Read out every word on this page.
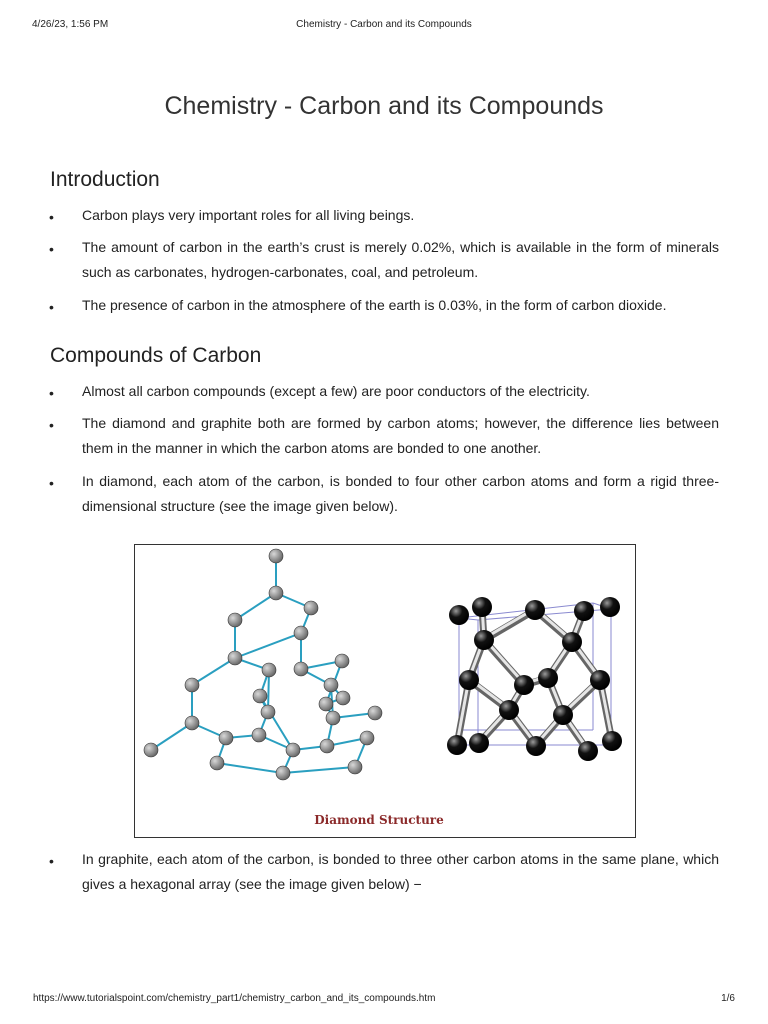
4/26/23, 1:56 PM	Chemistry - Carbon and its Compounds
Chemistry - Carbon and its Compounds
Introduction
• Carbon plays very important roles for all living beings.
• The amount of carbon in the earth’s crust is merely 0.02%, which is available in the form of minerals such as carbonates, hydrogen-carbonates, coal, and petroleum.
• The presence of carbon in the atmosphere of the earth is 0.03%, in the form of carbon dioxide.
Compounds of Carbon
• Almost all carbon compounds (except a few) are poor conductors of the electricity.
• The diamond and graphite both are formed by carbon atoms; however, the difference lies between them in the manner in which the carbon atoms are bonded to one another.
• In diamond, each atom of the carbon, is bonded to four other carbon atoms and form a rigid three-dimensional structure (see the image given below).
Diamond Structure
• In graphite, each atom of the carbon, is bonded to three other carbon atoms in the same plane, which gives a hexagonal array (see the image given below) −
https://www.tutorialspoint.com/chemistry_part1/chemistry_carbon_and_its_compounds.htm	1/6
